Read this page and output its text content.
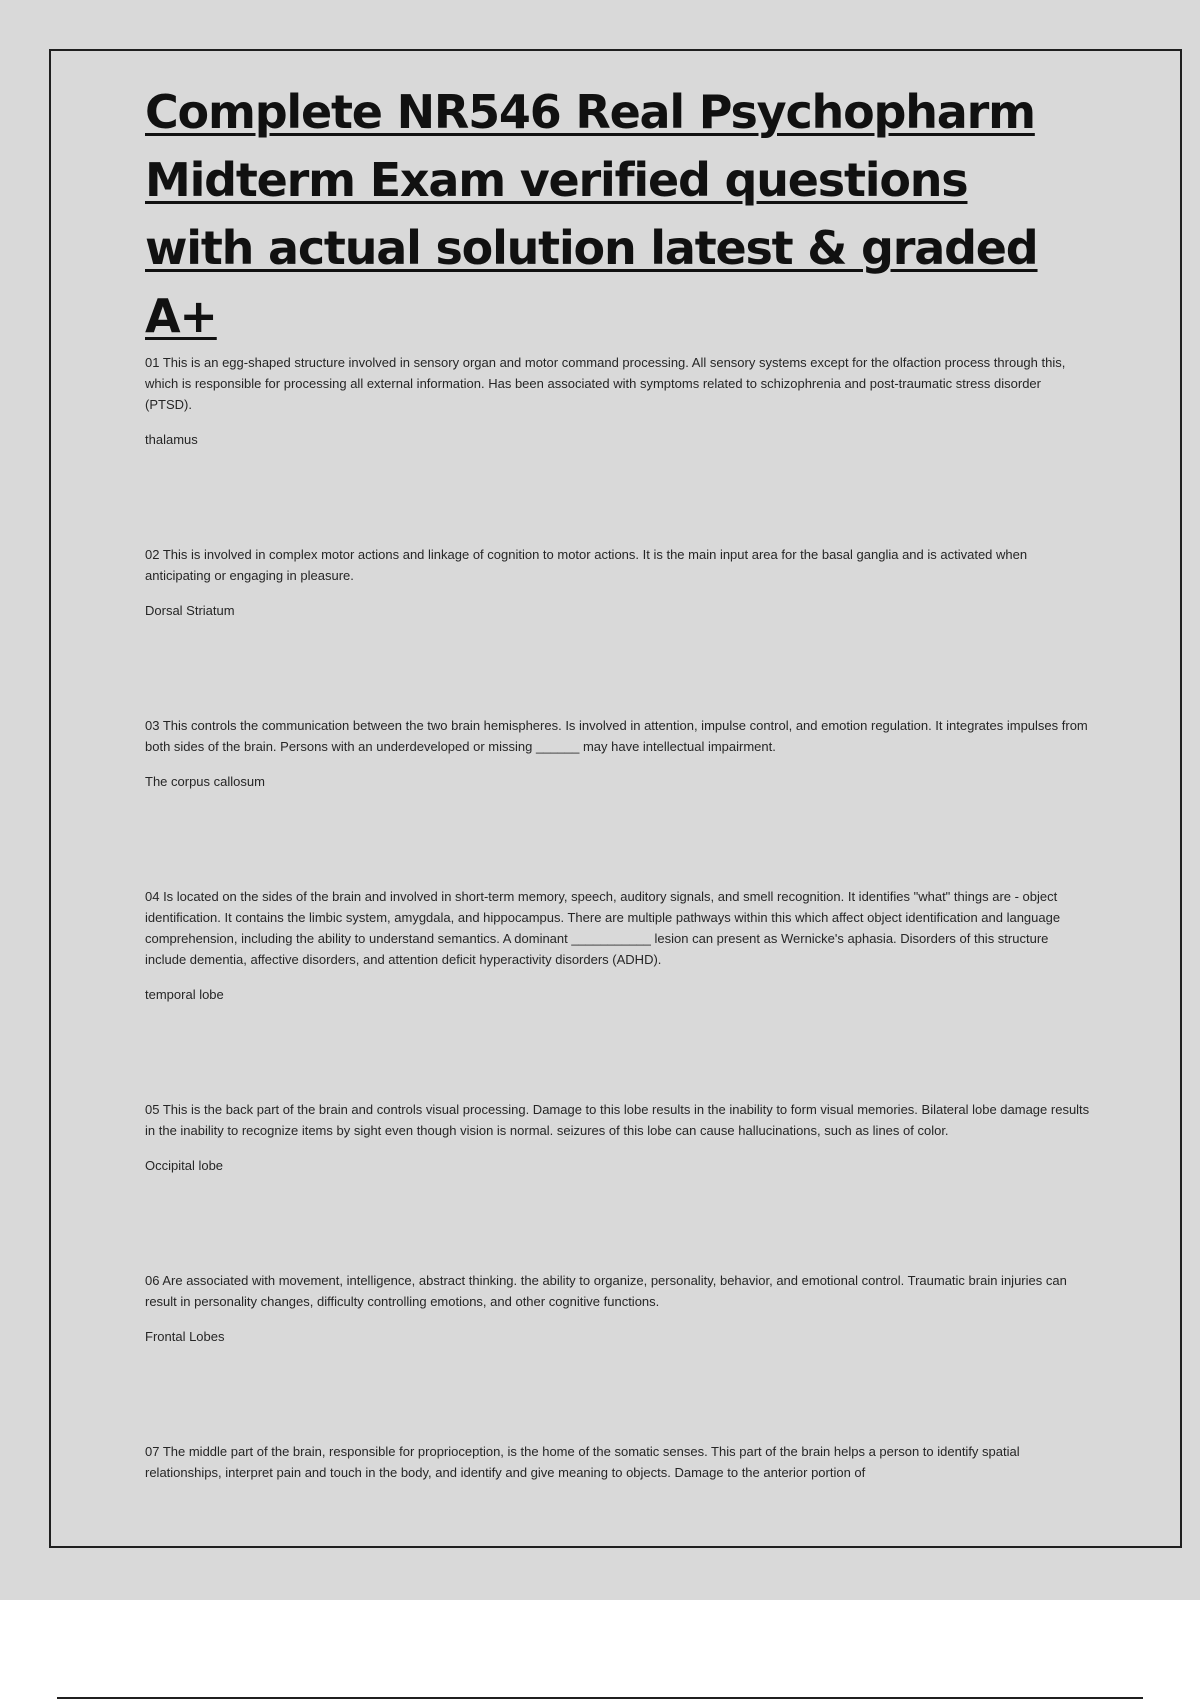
Complete NR546 Real Psychopharm Midterm Exam verified questions with actual solution latest & graded A+

01 This is an egg-shaped structure involved in sensory organ and motor command processing. All sensory systems except for the olfaction process through this, which is responsible for processing all external information. Has been associated with symptoms related to schizophrenia and post-traumatic stress disorder (PTSD).

thalamus

02 This is involved in complex motor actions and linkage of cognition to motor actions. It is the main input area for the basal ganglia and is activated when anticipating or engaging in pleasure.

Dorsal Striatum

03 This controls the communication between the two brain hemispheres. Is involved in attention, impulse control, and emotion regulation. It integrates impulses from both sides of the brain. Persons with an underdeveloped or missing ______ may have intellectual impairment.

The corpus callosum

04 Is located on the sides of the brain and involved in short-term memory, speech, auditory signals, and smell recognition. It identifies "what" things are - object identification. It contains the limbic system, amygdala, and hippocampus. There are multiple pathways within this which affect object identification and language comprehension, including the ability to understand semantics. A dominant ___________ lesion can present as Wernicke's aphasia. Disorders of this structure include dementia, affective disorders, and attention deficit hyperactivity disorders (ADHD).

temporal lobe

05 This is the back part of the brain and controls visual processing. Damage to this lobe results in the inability to form visual memories. Bilateral lobe damage results in the inability to recognize items by sight even though vision is normal. seizures of this lobe can cause hallucinations, such as lines of color.

Occipital lobe

06 Are associated with movement, intelligence, abstract thinking. the ability to organize, personality, behavior, and emotional control. Traumatic brain injuries can result in personality changes, difficulty controlling emotions, and other cognitive functions.

Frontal Lobes

07 The middle part of the brain, responsible for proprioception, is the home of the somatic senses. This part of the brain helps a person to identify spatial relationships, interpret pain and touch in the body, and identify and give meaning to objects. Damage to the anterior portion of
